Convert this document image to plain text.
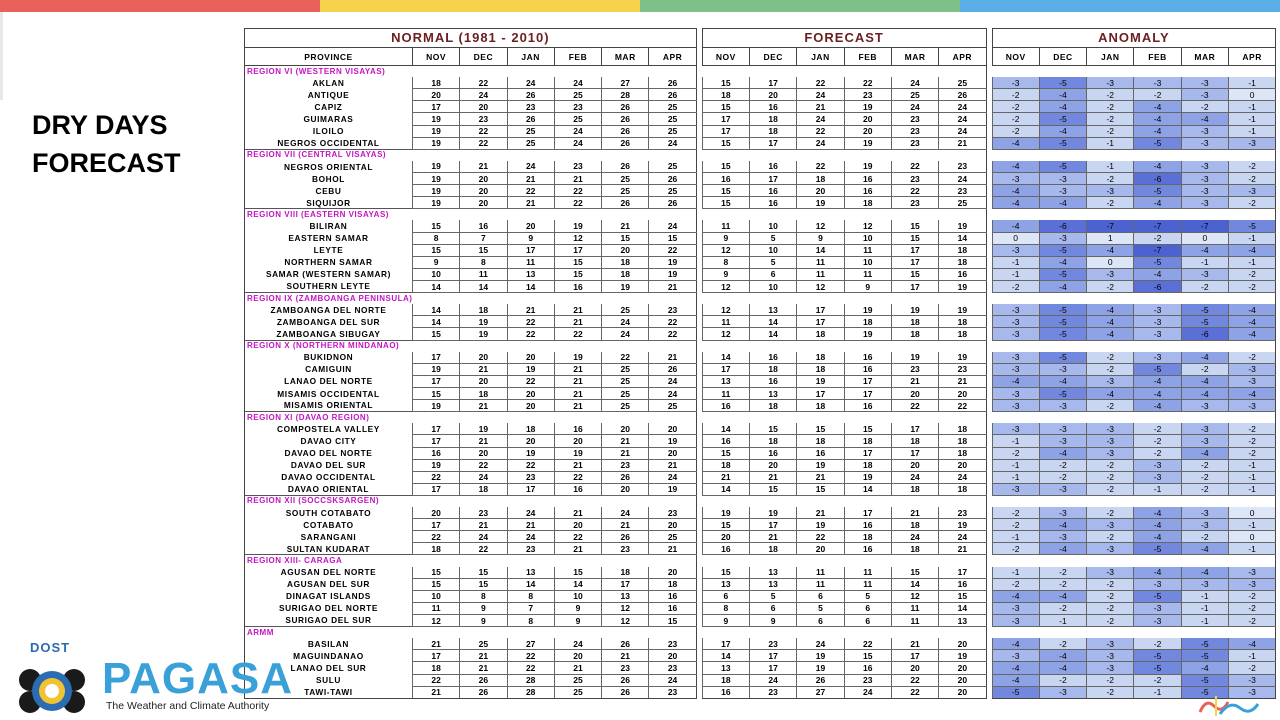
DRY DAYS
FORECAST
NORMAL (1981 - 2010)								FORECAST							ANOMALY					
PROVINCE	NOV	DEC	JAN	FEB	MAR	APR		NOV	DEC	JAN	FEB	MAR	APR		NOV	DEC	JAN	FEB	MAR	APR
REGION VI (WESTERN VISAYAS)																				
AKLAN	18	22	24	24	27	26		15	17	22	22	24	25		-3	-5	-3	-3	-3	-1
ANTIQUE	20	24	26	25	28	26		18	20	24	23	25	26		-2	-4	-2	-2	-3	0
CAPIZ	17	20	23	23	26	25		15	16	21	19	24	24		-2	-4	-2	-4	-2	-1
GUIMARAS	19	23	26	25	26	25		17	18	24	20	23	24		-2	-5	-2	-4	-4	-1
ILOILO	19	22	25	24	26	25		17	18	22	20	23	24		-2	-4	-2	-4	-3	-1
NEGROS OCCIDENTAL	19	22	25	24	26	24		15	17	24	19	23	21		-4	-5	-1	-5	-3	-3
REGION VII (CENTRAL VISAYAS)																				
NEGROS ORIENTAL	19	21	24	23	26	25		15	16	22	19	22	23		-4	-5	-1	-4	-3	-2
BOHOL	19	20	21	21	25	26		16	17	18	16	23	24		-3	-3	-2	-6	-3	-2
CEBU	19	20	22	22	25	25		15	16	20	16	22	23		-4	-3	-3	-5	-3	-3
SIQUIJOR	19	20	21	22	26	26		15	16	19	18	23	25		-4	-4	-2	-4	-3	-2
REGION VIII (EASTERN VISAYAS)																				
BILIRAN	15	16	20	19	21	24		11	10	12	12	15	19		-4	-6	-7	-7	-7	-5
EASTERN SAMAR	8	7	9	12	15	15		9	5	9	10	15	14		0	-3	1	-2	0	-1
LEYTE	15	15	17	17	20	22		12	10	14	11	17	18		-3	-5	-4	-7	-4	-4
NORTHERN SAMAR	9	8	11	15	18	19		8	5	11	10	17	18		-1	-4	0	-5	-1	-1
SAMAR (WESTERN SAMAR)	10	11	13	15	18	19		9	6	11	11	15	16		-1	-5	-3	-4	-3	-2
SOUTHERN LEYTE	14	14	14	16	19	21		12	10	12	9	17	19		-2	-4	-2	-6	-2	-2
REGION IX (ZAMBOANGA PENINSULA)																				
ZAMBOANGA DEL NORTE	14	18	21	21	25	23		12	13	17	19	19	19		-3	-5	-4	-3	-5	-4
ZAMBOANGA DEL SUR	14	19	22	21	24	22		11	14	17	18	18	18		-3	-5	-4	-3	-5	-4
ZAMBOANGA SIBUGAY	15	19	22	22	24	22		12	14	18	19	18	18		-3	-5	-4	-3	-6	-4
REGION X (NORTHERN MINDANAO)																				
BUKIDNON	17	20	20	19	22	21		14	16	18	16	19	19		-3	-5	-2	-3	-4	-2
CAMIGUIN	19	21	19	21	25	26		17	18	18	16	23	23		-3	-3	-2	-5	-2	-3
LANAO DEL NORTE	17	20	22	21	25	24		13	16	19	17	21	21		-4	-4	-3	-4	-4	-3
MISAMIS OCCIDENTAL	15	18	20	21	25	24		11	13	17	17	20	20		-3	-5	-4	-4	-4	-4
MISAMIS ORIENTAL	19	21	20	21	25	25		16	18	18	16	22	22		-3	-3	-2	-4	-3	-3
REGION XI (DAVAO REGION)																				
COMPOSTELA VALLEY	17	19	18	16	20	20		14	15	15	15	17	18		-3	-3	-3	-2	-3	-2
DAVAO CITY	17	21	20	20	21	19		16	18	18	18	18	18		-1	-3	-3	-2	-3	-2
DAVAO DEL NORTE	16	20	19	19	21	20		15	16	16	17	17	18		-2	-4	-3	-2	-4	-2
DAVAO DEL SUR	19	22	22	21	23	21		18	20	19	18	20	20		-1	-2	-2	-3	-2	-1
DAVAO OCCIDENTAL	22	24	23	22	26	24		21	21	21	19	24	24		-1	-2	-2	-3	-2	-1
DAVAO ORIENTAL	17	18	17	16	20	19		14	15	15	14	18	18		-3	-3	-2	-1	-2	-1
REGION XII (SOCCSKSARGEN)																				
SOUTH COTABATO	20	23	24	21	24	23		19	19	21	17	21	23		-2	-3	-2	-4	-3	0
COTABATO	17	21	21	20	21	20		15	17	19	16	18	19		-2	-4	-3	-4	-3	-1
SARANGANI	22	24	24	22	26	25		20	21	22	18	24	24		-1	-3	-2	-4	-2	0
SULTAN KUDARAT	18	22	23	21	23	21		16	18	20	16	18	21		-2	-4	-3	-5	-4	-1
REGION XIII- CARAGA																				
AGUSAN DEL NORTE	15	15	13	15	18	20		15	13	11	11	15	17		-1	-2	-3	-4	-4	-3
AGUSAN DEL SUR	15	15	14	14	17	18		13	13	11	11	14	16		-2	-2	-2	-3	-3	-3
DINAGAT ISLANDS	10	8	8	10	13	16		6	5	6	5	12	15		-4	-4	-2	-5	-1	-2
SURIGAO DEL NORTE	11	9	7	9	12	16		8	6	5	6	11	14		-3	-2	-2	-3	-1	-2
SURIGAO DEL SUR	12	9	8	9	12	15		9	9	6	6	11	13		-3	-1	-2	-3	-1	-2
ARMM																				
BASILAN	21	25	27	24	26	23		17	23	24	22	21	20		-4	-2	-3	-2	-5	-4
MAGUINDANAO	17	21	22	20	21	20		14	17	19	15	17	19		-3	-4	-3	-5	-5	-1
LANAO DEL SUR	18	21	22	21	23	23		13	17	19	16	20	20		-4	-4	-3	-5	-4	-2
SULU	22	26	28	25	26	24		18	24	26	23	22	20		-4	-2	-2	-2	-5	-3
TAWI-TAWI	21	26	28	25	26	23		16	23	27	24	22	20		-5	-3	-2	-1	-5	-3
DOST
PAGASA
The Weather and Climate Authority
